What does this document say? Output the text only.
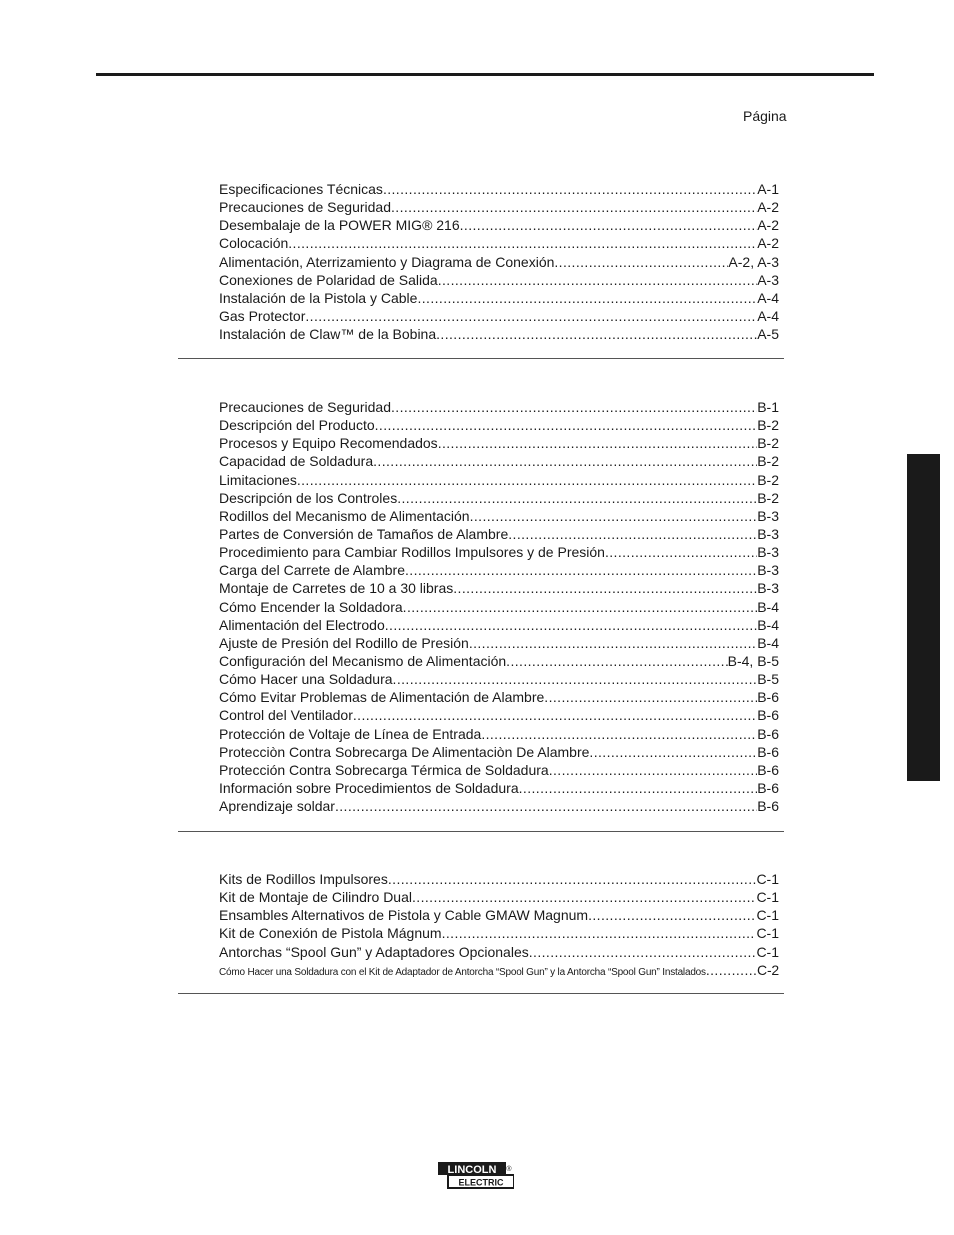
Página
Especificaciones Técnicas .....	A-1
Precauciones de Seguridad .....	A-2
Desembalaje de la POWER MIG® 216 .....	A-2
Colocación .....	A-2
Alimentación, Aterrizamiento y Diagrama de Conexión .....	A-2, A-3
Conexiones de Polaridad de Salida .....	A-3
Instalación de la Pistola y Cable .....	A-4
Gas Protector .....	A-4
Instalación de Claw™ de la Bobina .....	A-5
Precauciones de Seguridad .....	B-1
Descripción del Producto .....	B-2
Procesos y Equipo Recomendados .....	B-2
Capacidad de Soldadura .....	B-2
Limitaciones .....	B-2
Descripción de los Controles .....	B-2
Rodillos del Mecanismo de Alimentación .....	B-3
Partes de Conversión de Tamaños de Alambre .....	B-3
Procedimiento para Cambiar Rodillos Impulsores y de Presión .....	B-3
Carga del Carrete de Alambre .....	B-3
Montaje de Carretes de 10 a 30 libras .....	B-3
Cómo Encender la Soldadora .....	B-4
Alimentación del Electrodo .....	B-4
Ajuste de Presión del Rodillo de Presión .....	B-4
Configuración del Mecanismo de Alimentación .....	B-4, B-5
Cómo Hacer una Soldadura .....	B-5
Cómo Evitar Problemas de Alimentación de Alambre .....	B-6
Control del Ventilador .....	B-6
Protección de Voltaje de Línea de Entrada .....	B-6
Protecciòn Contra Sobrecarga De Alimentaciòn De Alambre .....	B-6
Protección Contra Sobrecarga Térmica de Soldadura .....	B-6
Información sobre Procedimientos de Soldadura .....	B-6
Aprendizaje soldar .....	B-6
Kits de Rodillos Impulsores .....	C-1
Kit de Montaje de Cilindro Dual .....	C-1
Ensambles Alternativos de Pistola y Cable GMAW Magnum .....	C-1
Kit de Conexión de Pistola Mágnum .....	C-1
Antorchas “Spool Gun” y Adaptadores Opcionales .....	C-1
Cómo Hacer una Soldadura con el Kit de Adaptador de Antorcha “Spool Gun” y la Antorcha “Spool Gun” Instalados .....	C-2
LINCOLN
ELECTRIC
®
